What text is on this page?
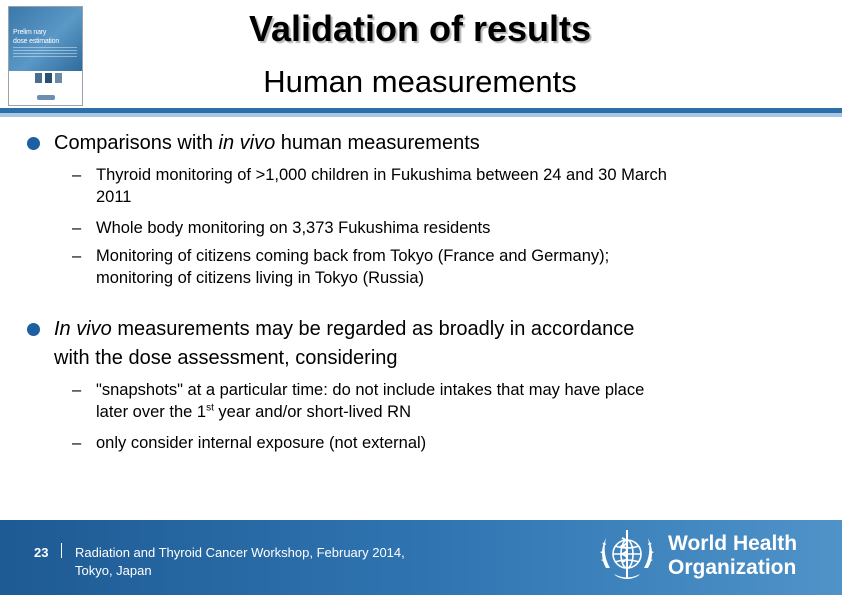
Prelim nary
dose estimation	Validation of results
Human measurements
Comparisons with in vivo human measurements
– Thyroid monitoring of >1,000 children in Fukushima between 24 and 30 March
2011
– Whole body monitoring on 3,373 Fukushima residents
– Monitoring of citizens coming back from Tokyo (France and Germany);
monitoring of citizens living in Tokyo (Russia)
In vivo measurements may be regarded as broadly in accordance
with the dose assessment, considering
– "snapshots" at a particular time: do not include intakes that may have place
later over the 1st year and/or short-lived RN
– only consider internal exposure (not external)
23 Radiation and Thyroid Cancer Workshop, February 2014,
Tokyo, Japan
World Health
Organization
